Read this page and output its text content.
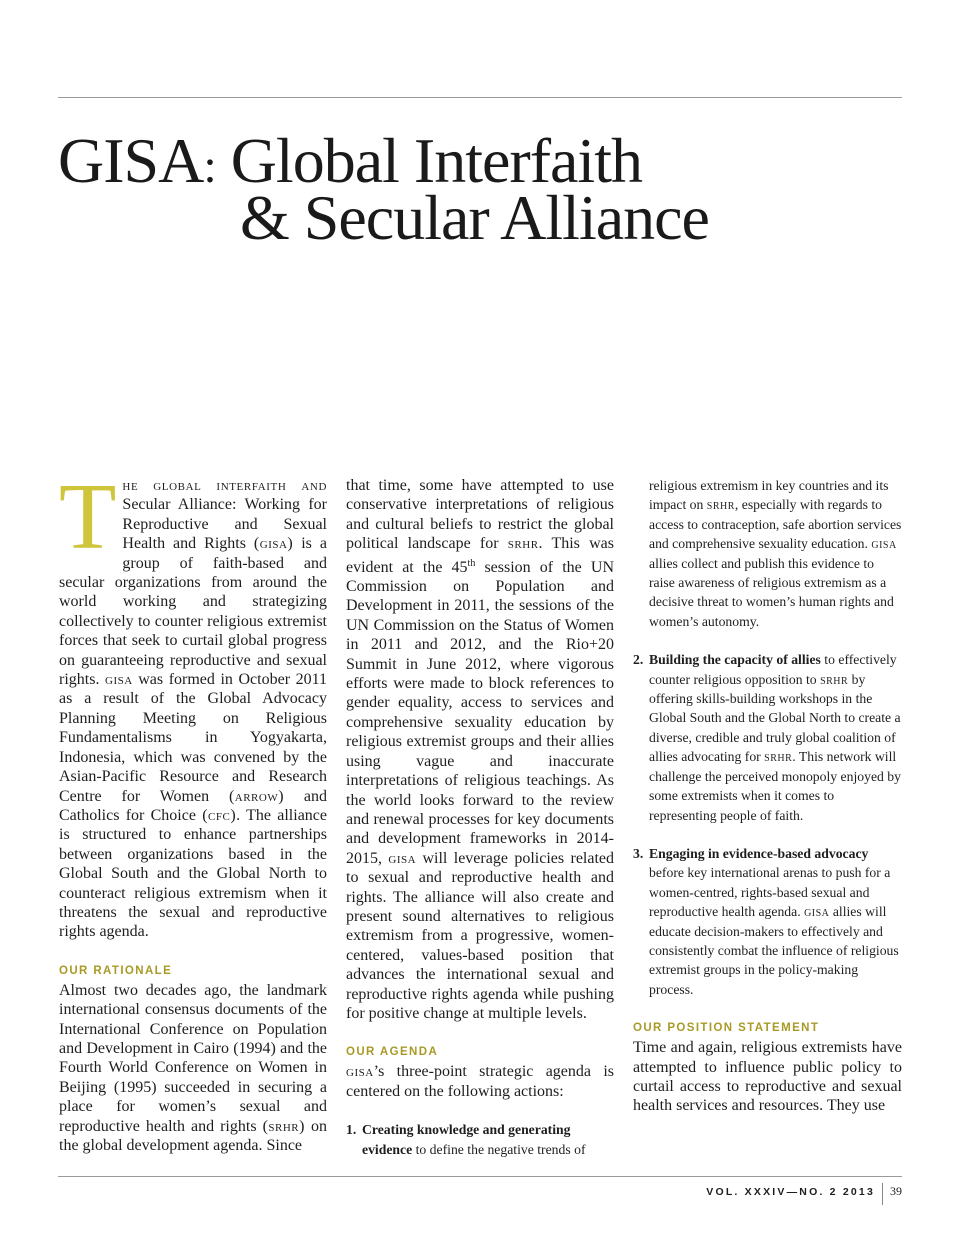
GISA: Global Interfaith
& Secular Alliance

The global interfaith and Secular Alliance: Working for Reproductive and Sexual Health and Rights (gisa) is a group of faith-based and secular organizations from around the world working and strategizing collectively to counter religious extremist forces that seek to curtail global progress on guaranteeing reproductive and sexual rights. gisa was formed in October 2011 as a result of the Global Advocacy Planning Meeting on Religious Fundamentalisms in Yogyakarta, Indonesia, which was convened by the Asian-Pacific Resource and Research Centre for Women (arrow) and Catholics for Choice (cfc). The alliance is structured to enhance partnerships between organizations based in the Global South and the Global North to counteract religious extremism when it threatens the sexual and reproductive rights agenda.

OUR RATIONALE

Almost two decades ago, the landmark international consensus documents of the International Conference on Population and Development in Cairo (1994) and the Fourth World Conference on Women in Beijing (1995) succeeded in securing a place for women’s sexual and reproductive health and rights (srhr) on the global development agenda. Since

that time, some have attempted to use conservative interpretations of religious and cultural beliefs to restrict the global political landscape for srhr. This was evident at the 45th session of the UN Commission on Population and Development in 2011, the sessions of the UN Commission on the Status of Women in 2011 and 2012, and the Rio+20 Summit in June 2012, where vigorous efforts were made to block references to gender equality, access to services and comprehensive sexuality education by religious extremist groups and their allies using vague and inaccurate interpretations of religious teachings. As the world looks forward to the review and renewal processes for key documents and development frameworks in 2014-2015, gisa will leverage policies related to sexual and reproductive health and rights. The alliance will also create and present sound alternatives to religious extremism from a progressive, women-centered, values-based position that advances the international sexual and reproductive rights agenda while pushing for positive change at multiple levels.

OUR AGENDA

gisa’s three-point strategic agenda is centered on the following actions:

1. Creating knowledge and generating evidence to define the negative trends of

religious extremism in key countries and its impact on srhr, especially with regards to access to contraception, safe abortion services and comprehensive sexuality education. gisa allies collect and publish this evidence to raise awareness of religious extremism as a decisive threat to women’s human rights and women’s autonomy.

2. Building the capacity of allies to effectively counter religious opposition to srhr by offering skills-building workshops in the Global South and the Global North to create a diverse, credible and truly global coalition of allies advocating for srhr. This network will challenge the perceived monopoly enjoyed by some extremists when it comes to representing people of faith.
3. Engaging in evidence-based advocacy before key international arenas to push for a women-centred, rights-based sexual and reproductive health agenda. gisa allies will educate decision-makers to effectively and consistently combat the influence of religious extremist groups in the policy-making process.
OUR POSITION STATEMENT

Time and again, religious extremists have attempted to influence public policy to curtail access to reproductive and sexual health services and resources. They use

VOL. XXXIV—NO. 2 2013 39
